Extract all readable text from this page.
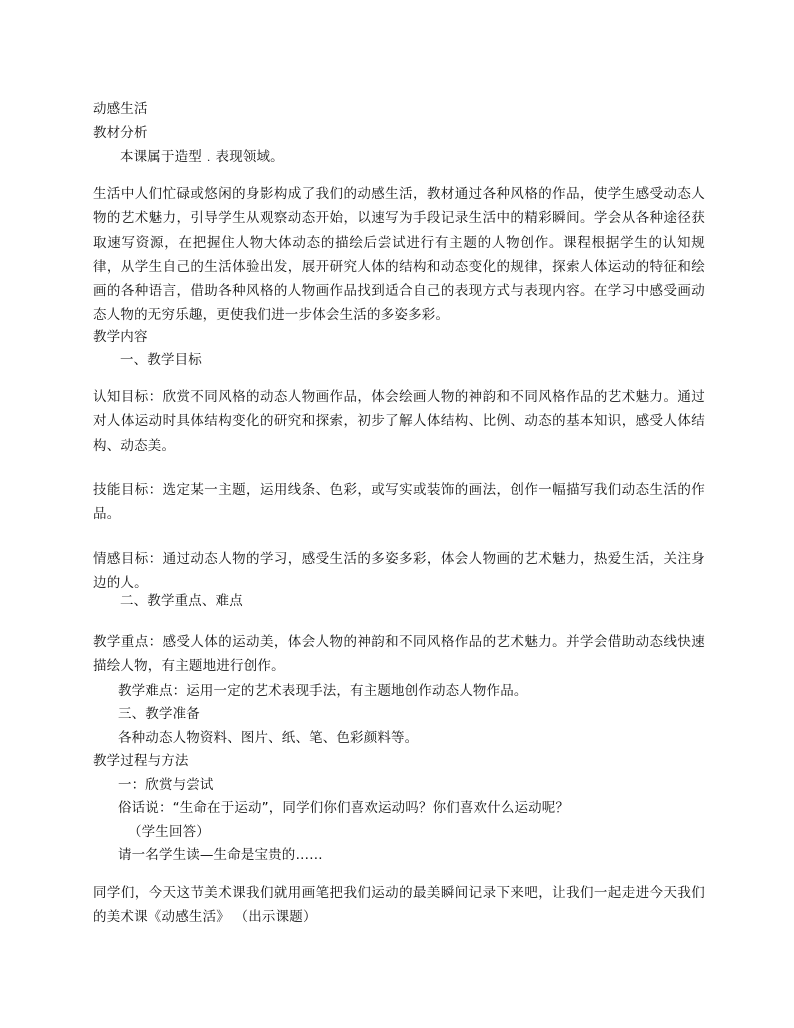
动感生活
教材分析
本课属于造型﹒表现领域。
生活中人们忙碌或悠闲的身影构成了我们的动感生活，教材通过各种风格的作品，使学生感受动态人物的艺术魅力，引导学生从观察动态开始，以速写为手段记录生活中的精彩瞬间。学会从各种途径获取速写资源，在把握住人物大体动态的描绘后尝试进行有主题的人物创作。课程根据学生的认知规律，从学生自己的生活体验出发，展开研究人体的结构和动态变化的规律，探索人体运动的特征和绘画的各种语言，借助各种风格的人物画作品找到适合自己的表现方式与表现内容。在学习中感受画动态人物的无穷乐趣，更使我们进一步体会生活的多姿多彩。
教学内容
一、教学目标
认知目标：欣赏不同风格的动态人物画作品，体会绘画人物的神韵和不同风格作品的艺术魅力。通过对人体运动时具体结构变化的研究和探索，初步了解人体结构、比例、动态的基本知识，感受人体结构、动态美。
技能目标：选定某一主题，运用线条、色彩，或写实或装饰的画法，创作一幅描写我们动态生活的作品。
情感目标：通过动态人物的学习，感受生活的多姿多彩，体会人物画的艺术魅力，热爱生活，关注身边的人。
二、教学重点、难点
教学重点：感受人体的运动美，体会人物的神韵和不同风格作品的艺术魅力。并学会借助动态线快速描绘人物，有主题地进行创作。
教学难点：运用一定的艺术表现手法，有主题地创作动态人物作品。
三、教学准备
各种动态人物资料、图片、纸、笔、色彩颜料等。
教学过程与方法
一：欣赏与尝试
俗话说：“生命在于运动”，同学们你们喜欢运动吗？你们喜欢什么运动呢？
（学生回答）
请一名学生读—生命是宝贵的……
同学们，今天这节美术课我们就用画笔把我们运动的最美瞬间记录下来吧，让我们一起走进今天我们的美术课《动感生活》 （出示课题）
